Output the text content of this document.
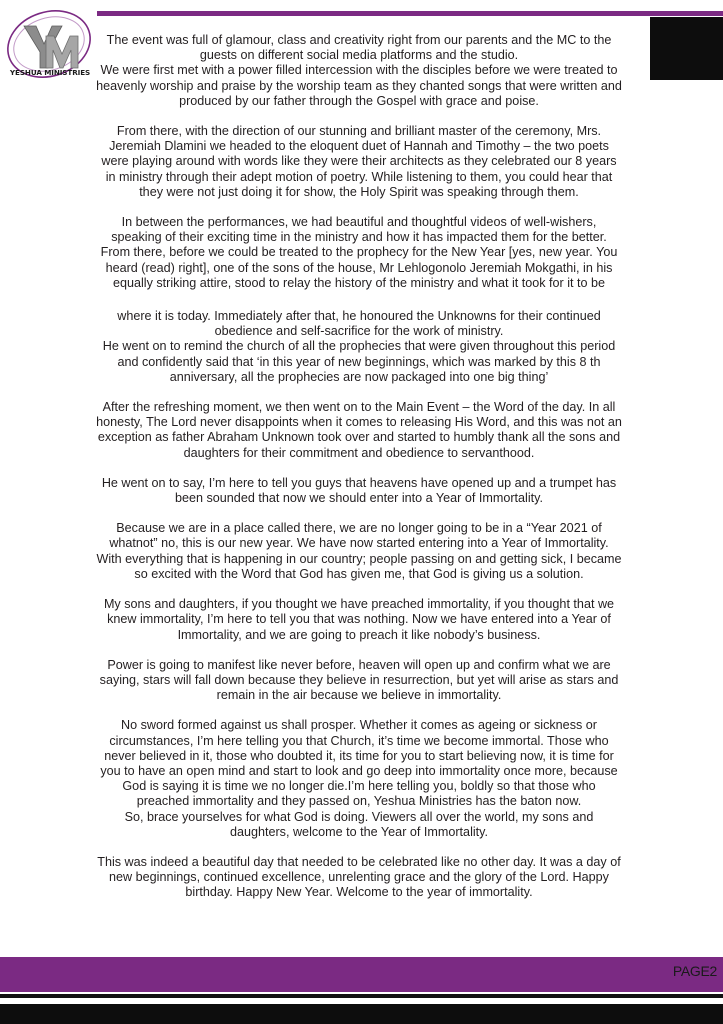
YESHUA MINISTRIES

The event was full of glamour, class and creativity right from our parents and the MC to the guests on different social media platforms and the studio.

We were first met with a power filled intercession with the disciples before we were treated to heavenly worship and praise by the worship team as they chanted songs that were written and produced by our father through the Gospel with grace and poise.

From there, with the direction of our stunning and brilliant master of the ceremony, Mrs. Jeremiah Dlamini we headed to the eloquent duet of Hannah and Timothy – the two poets were playing around with words like they were their architects as they celebrated our 8 years in ministry through their adept motion of poetry. While listening to them, you could hear that they were not just doing it for show, the Holy Spirit was speaking through them.

In between the performances, we had beautiful and thoughtful videos of well-wishers, speaking of their exciting time in the ministry and how it has impacted them for the better. From there, before we could be treated to the prophecy for the New Year [yes, new year. You heard (read) right], one of the sons of the house, Mr Lehlogonolo Jeremiah Mokgathi, in his equally striking attire, stood to relay the history of the ministry and what it took for it to be

where it is today. Immediately after that, he honoured the Unknowns for their continued obedience and self-sacrifice for the work of ministry.

He went on to remind the church of all the prophecies that were given throughout this period and confidently said that ‘in this year of new beginnings, which was marked by this 8 th anniversary, all the prophecies are now packaged into one big thing’

After the refreshing moment, we then went on to the Main Event – the Word of the day. In all honesty, The Lord never disappoints when it comes to releasing His Word, and this was not an exception as father Abraham Unknown took over and started to humbly thank all the sons and daughters for their commitment and obedience to servanthood.

He went on to say, I’m here to tell you guys that heavens have opened up and a trumpet has been sounded that now we should enter into a Year of Immortality.

Because we are in a place called there, we are no longer going to be in a “Year 2021 of whatnot” no, this is our new year. We have now started entering into a Year of Immortality. With everything that is happening in our country; people passing on and getting sick, I became so excited with the Word that God has given me, that God is giving us a solution.

My sons and daughters, if you thought we have preached immortality, if you thought that we knew immortality, I’m here to tell you that was nothing. Now we have entered into a Year of Immortality, and we are going to preach it like nobody’s business.

Power is going to manifest like never before, heaven will open up and confirm what we are saying, stars will fall down because they believe in resurrection, but yet will arise as stars and remain in the air because we believe in immortality.

No sword formed against us shall prosper. Whether it comes as ageing or sickness or circumstances, I’m here telling you that Church, it’s time we become immortal. Those who never believed in it, those who doubted it, its time for you to start believing now, it is time for you to have an open mind and start to look and go deep into immortality once more, because God is saying it is time we no longer die.I’m here telling you, boldly so that those who preached immortality and they passed on, Yeshua Ministries has the baton now.

So, brace yourselves for what God is doing. Viewers all over the world, my sons and daughters, welcome to the Year of Immortality.

This was indeed a beautiful day that needed to be celebrated like no other day. It was a day of new beginnings, continued excellence, unrelenting grace and the glory of the Lord. Happy birthday. Happy New Year. Welcome to the year of immortality.

PAGE2
